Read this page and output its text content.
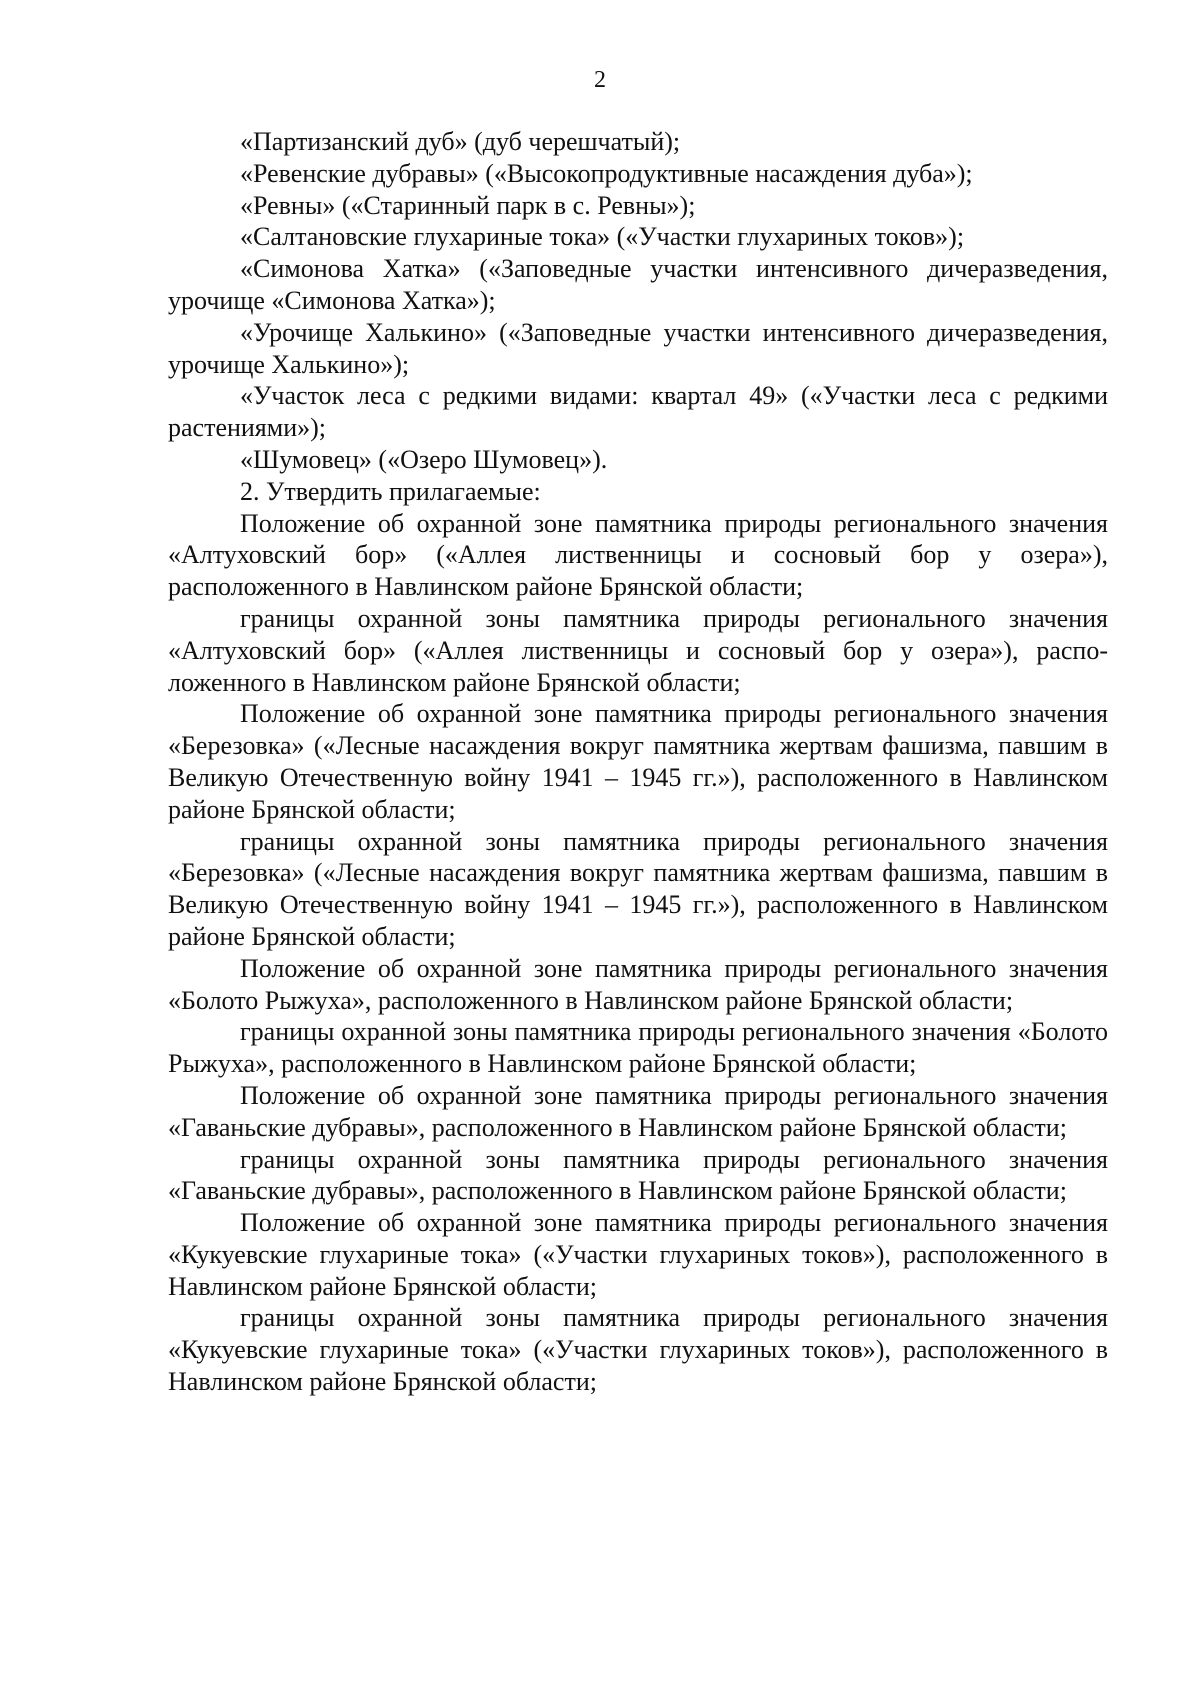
2

«Партизанский дуб» (дуб черешчатый);

«Ревенские дубравы» («Высокопродуктивные насаждения дуба»);

«Ревны» («Старинный парк в с. Ревны»);

«Салтановские глухариные тока» («Участки глухариных токов»);

«Симонова Хатка» («Заповедные участки интенсивного дичеразведения, урочище «Симонова Хатка»);

«Урочище Халькино» («Заповедные участки интенсивного дичеразведения, урочище Халькино»);

«Участок леса с редкими видами: квартал 49» («Участки леса с редкими растениями»);

«Шумовец» («Озеро Шумовец»).

2. Утвердить прилагаемые:

Положение об охранной зоне памятника природы регионального значения «Алтуховский бор» («Аллея лиственницы и сосновый бор у озера»), расположенного в Навлинском районе Брянской области;

границы охранной зоны памятника природы регионального значения «Алтуховский бор» («Аллея лиственницы и сосновый бор у озера»), расположенного в Навлинском районе Брянской области;

Положение об охранной зоне памятника природы регионального значения «Березовка» («Лесные насаждения вокруг памятника жертвам фашизма, павшим в Великую Отечественную войну 1941 – 1945 гг.»), расположенного в Навлинском районе Брянской области;

границы охранной зоны памятника природы регионального значения «Березовка» («Лесные насаждения вокруг памятника жертвам фашизма, павшим в Великую Отечественную войну 1941 – 1945 гг.»), расположенного в Навлинском районе Брянской области;

Положение об охранной зоне памятника природы регионального значения «Болото Рыжуха», расположенного в Навлинском районе Брянской области;

границы охранной зоны памятника природы регионального значения «Болото Рыжуха», расположенного в Навлинском районе Брянской области;

Положение об охранной зоне памятника природы регионального значения «Гаваньские дубравы», расположенного в Навлинском районе Брянской области;

границы охранной зоны памятника природы регионального значения «Гаваньские дубравы», расположенного в Навлинском районе Брянской области;

Положение об охранной зоне памятника природы регионального значения «Кукуевские глухариные тока» («Участки глухариных токов»), расположенного в Навлинском районе Брянской области;

границы охранной зоны памятника природы регионального значения «Кукуевские глухариные тока» («Участки глухариных токов»), расположенного в Навлинском районе Брянской области;
